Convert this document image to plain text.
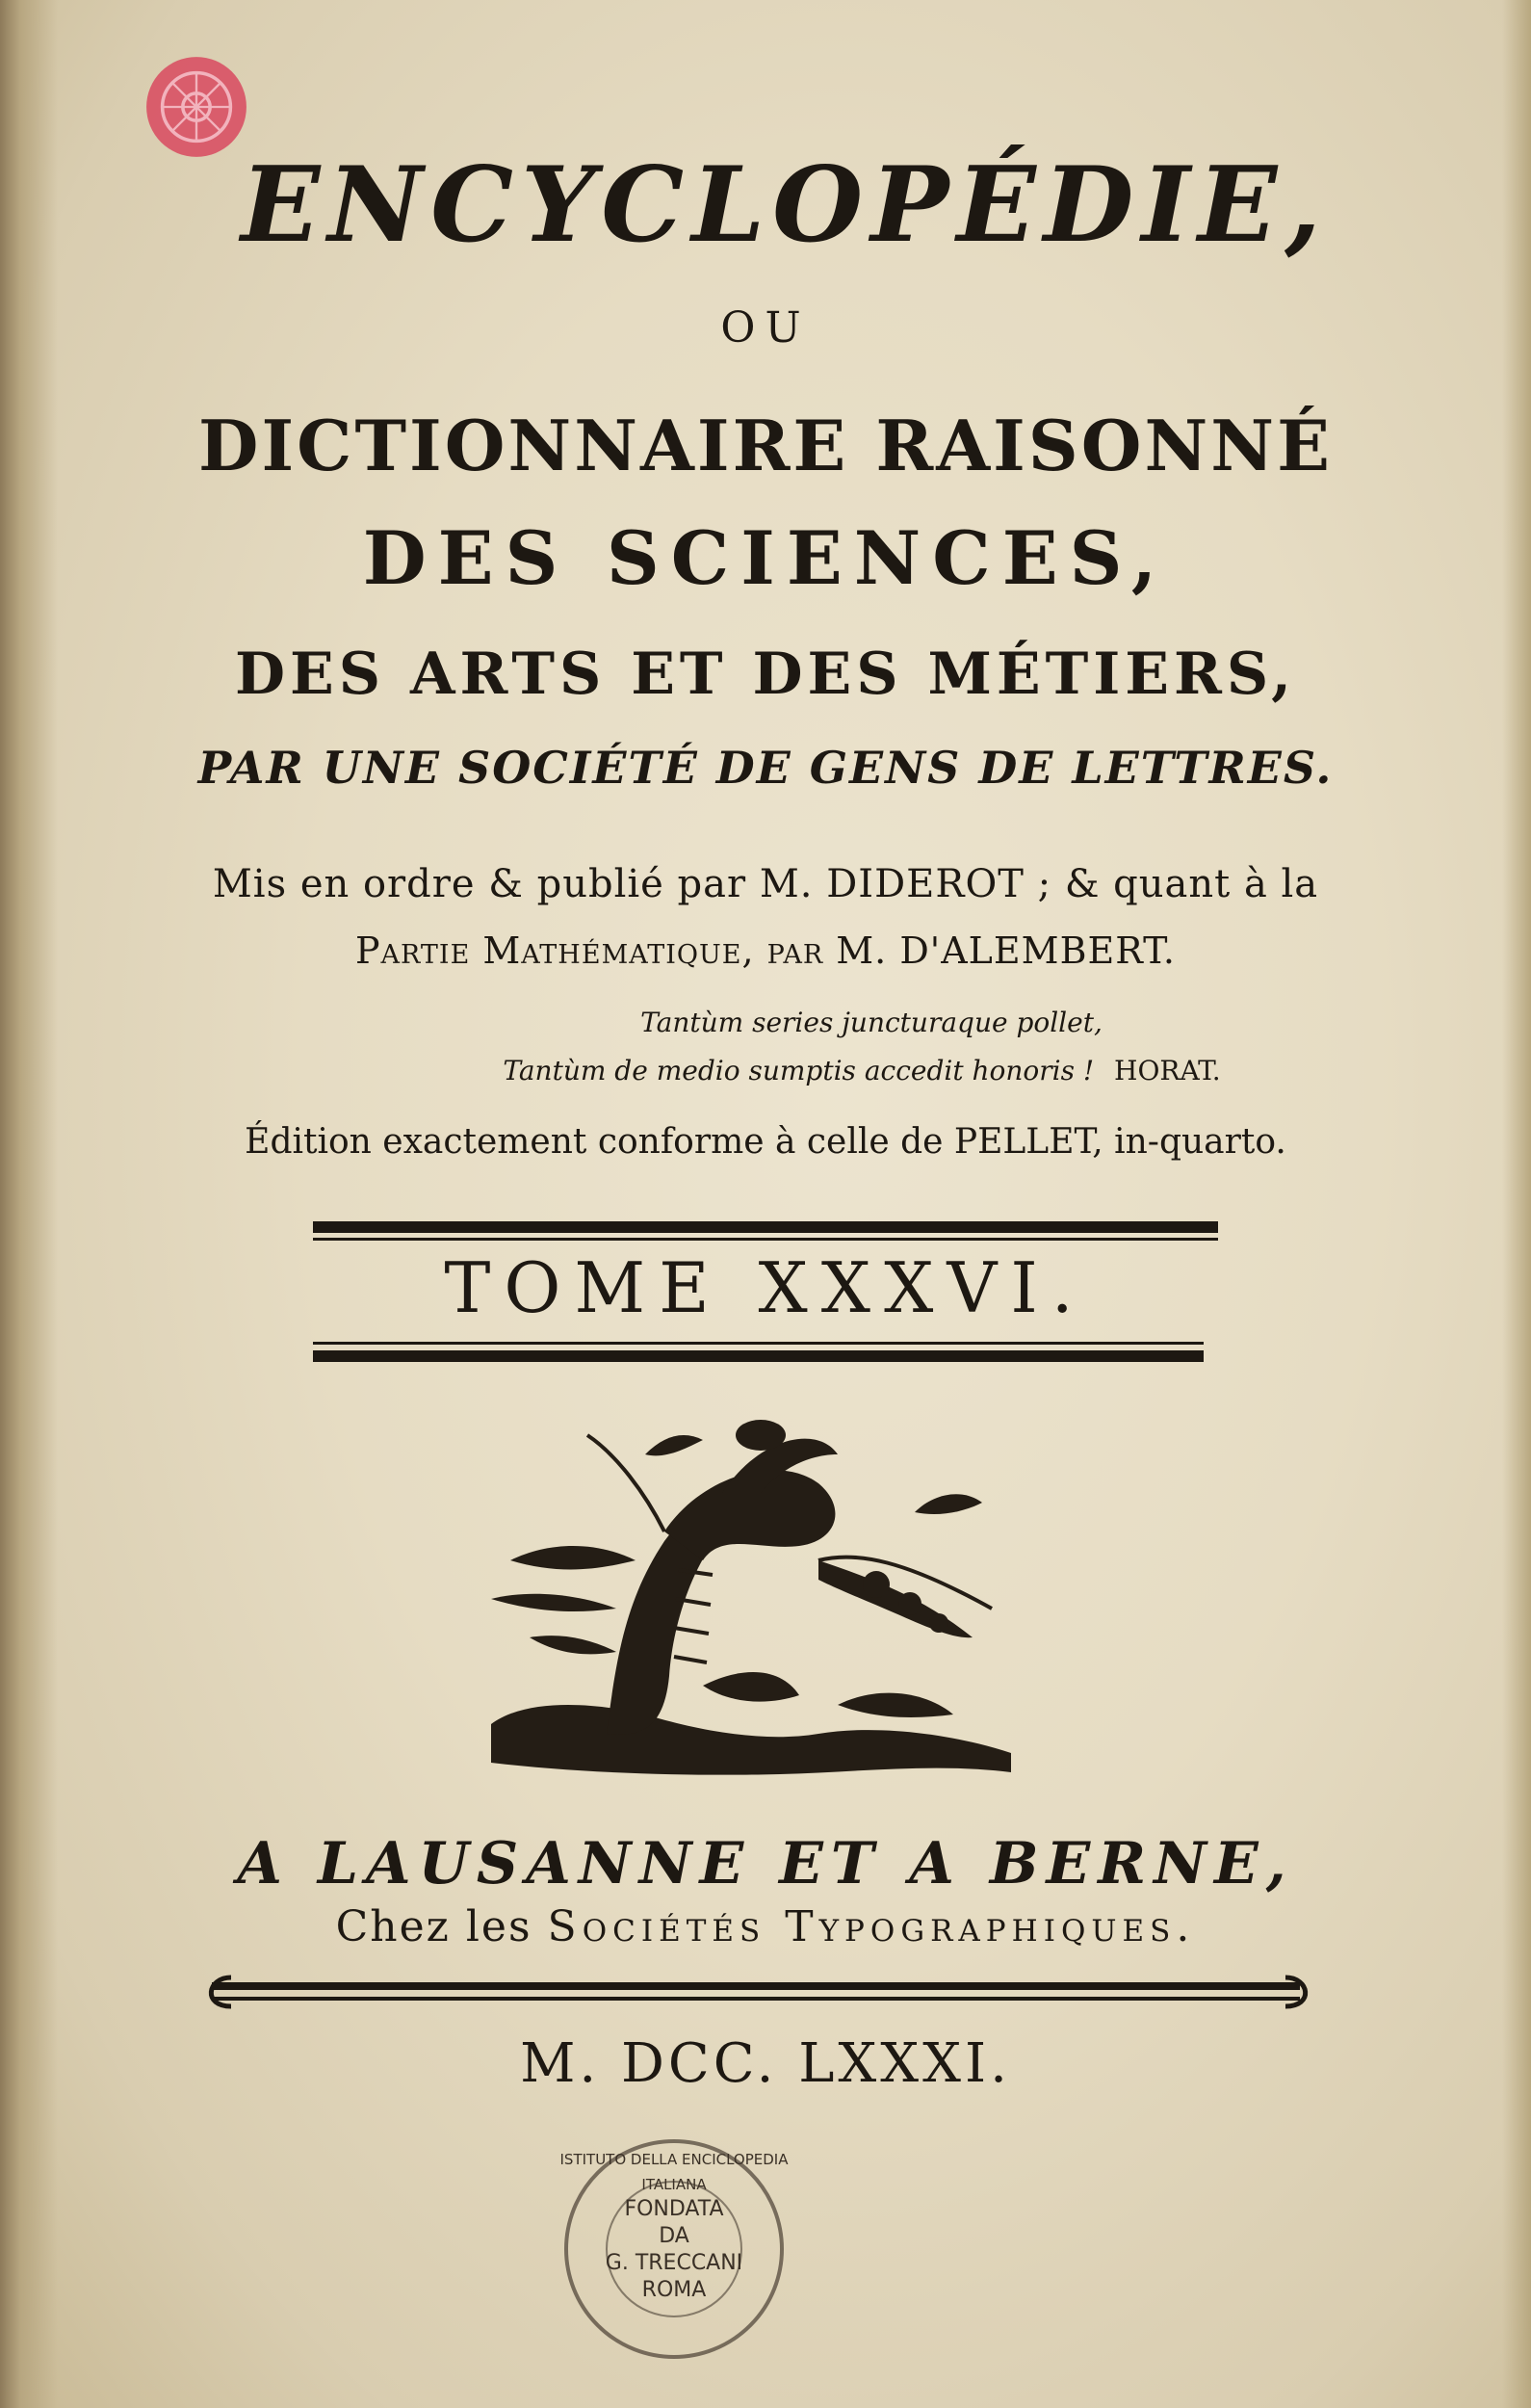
ENCYCLOPÉDIE,
OU
DICTIONNAIRE RAISONNÉ
DES SCIENCES,
DES ARTS ET DES MÉTIERS,
PAR UNE SOCIÉTÉ DE GENS DE LETTRES.
Mis en ordre & publié par M. DIDEROT ; & quant à la
Partie Mathématique, par M. D'ALEMBERT.
Tantùm series juncturaque pollet,
Tantùm de medio sumptis accedit honoris ! HORAT.
Édition exactement conforme à celle de PELLET, in-quarto.
TOME XXXVI.
A LAUSANNE ET A BERNE,
Chez les Sociétés Typographiques.
M. DCC. LXXXI.
ISTITUTO DELLA ENCICLOPEDIA ITALIANA
FONDATA
DA
G. TRECCANI
ROMA
